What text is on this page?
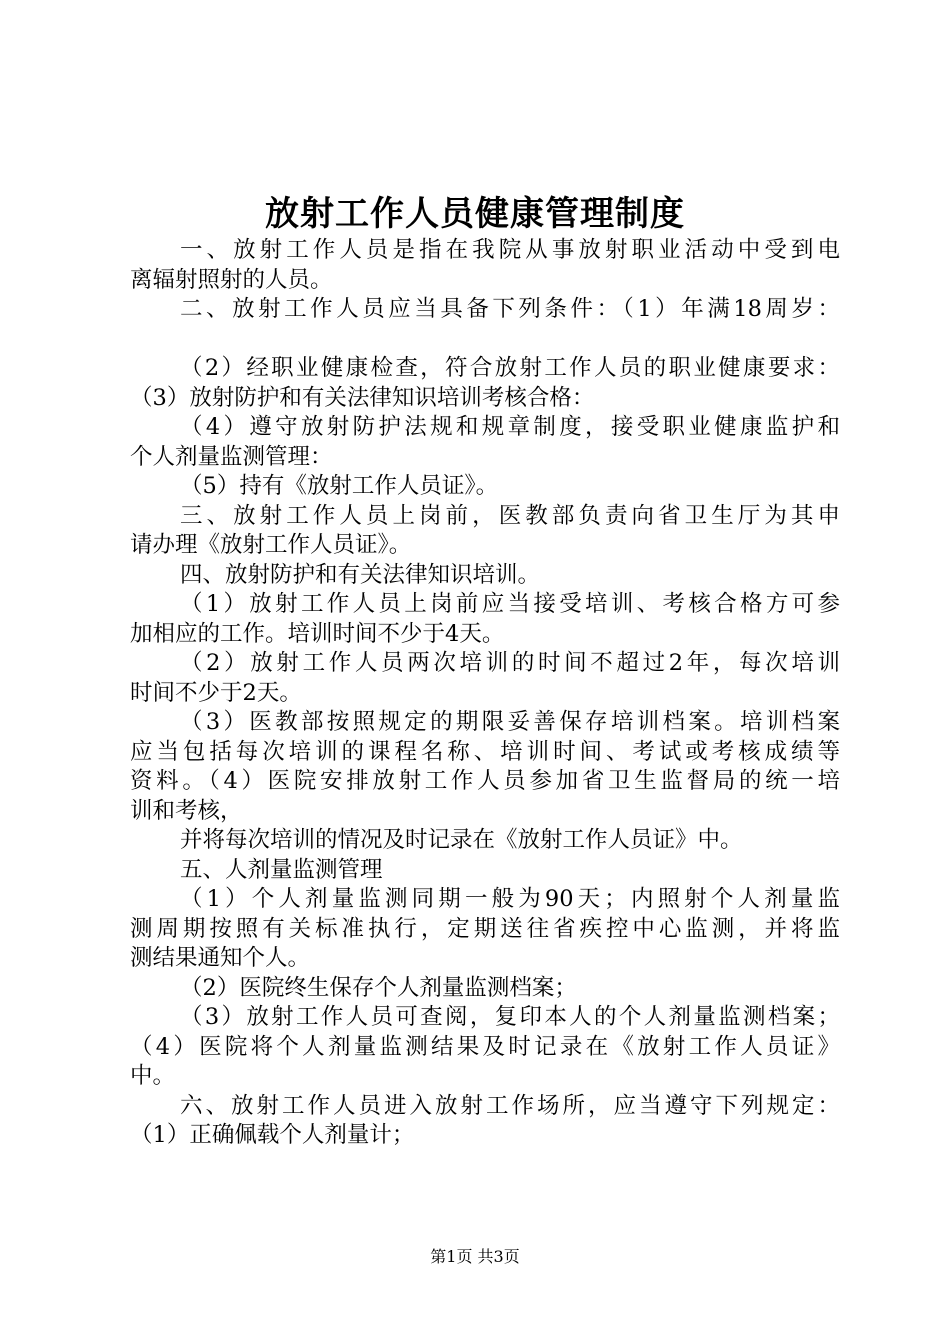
放射工作人员健康管理制度
一、放射工作人员是指在我院从事放射职业活动中受到电
离辐射照射的人员。
二、放射工作人员应当具备下列条件：（1）年满18周岁：
（2）经职业健康检查，符合放射工作人员的职业健康要求：
（3）放射防护和有关法律知识培训考核合格：
（4）遵守放射防护法规和规章制度，接受职业健康监护和
个人剂量监测管理：
（5）持有《放射工作人员证》。
三、放射工作人员上岗前，医教部负责向省卫生厅为其申
请办理《放射工作人员证》。
四、放射防护和有关法律知识培训。
（1）放射工作人员上岗前应当接受培训、考核合格方可参
加相应的工作。培训时间不少于4天。
（2）放射工作人员两次培训的时间不超过2年，每次培训
时间不少于2天。
（3）医教部按照规定的期限妥善保存培训档案。培训档案
应当包括每次培训的课程名称、培训时间、考试或考核成绩等
资料。（4）医院安排放射工作人员参加省卫生监督局的统一培
训和考核，
并将每次培训的情况及时记录在《放射工作人员证》中。
五、人剂量监测管理
（1）个人剂量监测同期一般为90天；内照射个人剂量监
测周期按照有关标准执行，定期送往省疾控中心监测，并将监
测结果通知个人。
（2）医院终生保存个人剂量监测档案；
（3）放射工作人员可查阅，复印本人的个人剂量监测档案；
（4）医院将个人剂量监测结果及时记录在《放射工作人员证》
中。
六、放射工作人员进入放射工作场所，应当遵守下列规定：
（1）正确佩载个人剂量计；
第1页 共3页
